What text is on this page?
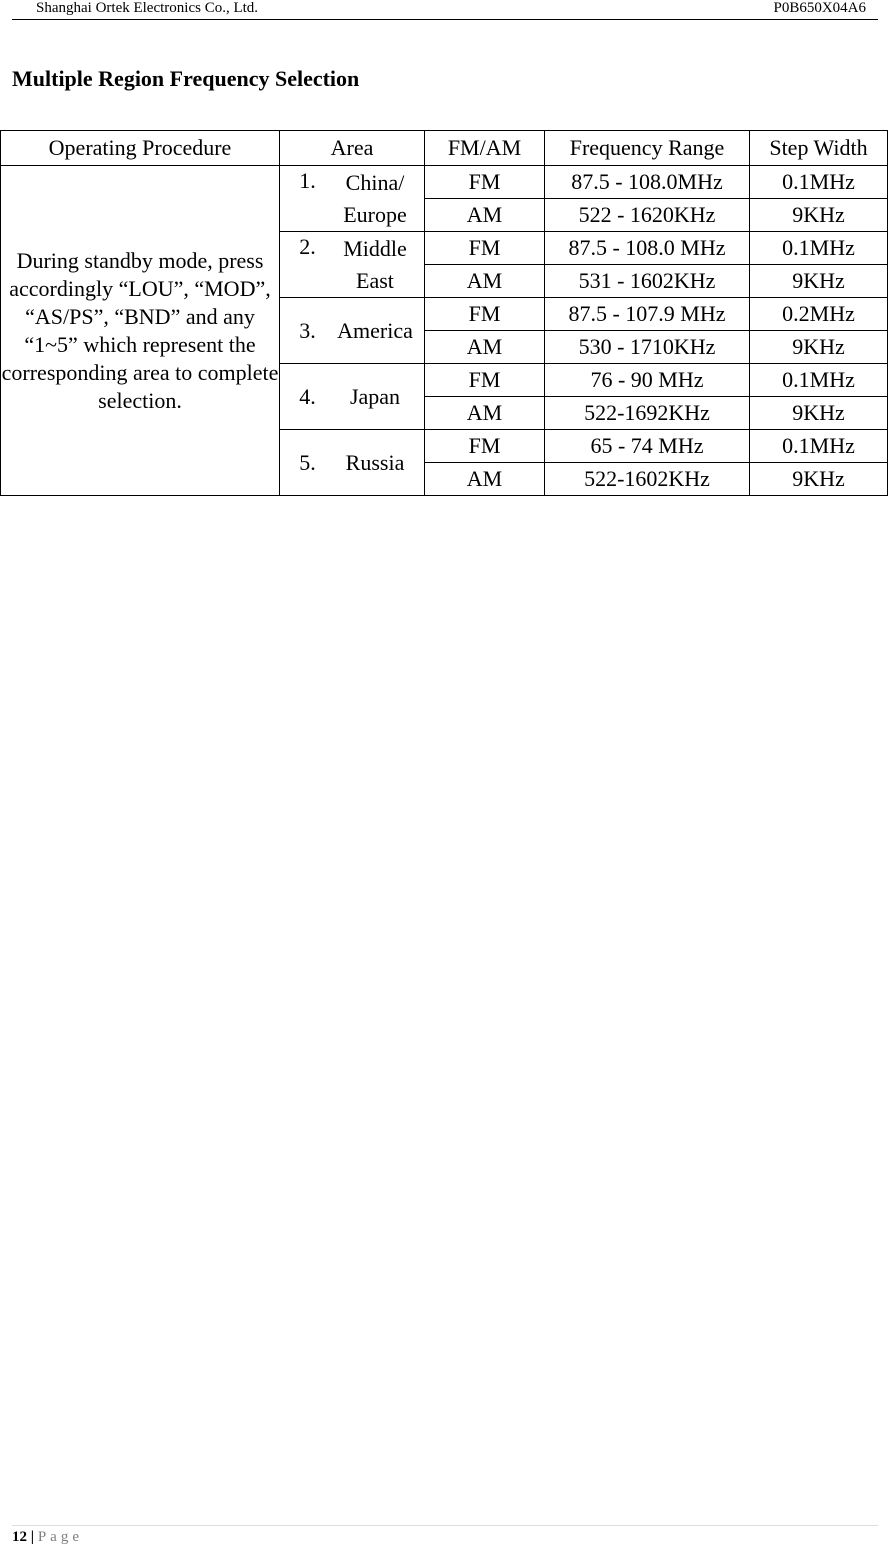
Shanghai Ortek Electronics Co., Ltd.	P0B650X04A6
Multiple Region Frequency Selection
Operating Procedure	Area	FM/AM	Frequency Range	Step Width
During standby mode, press accordingly “LOU”, “MOD”, “AS/PS”, “BND” and any “1~5” which represent the corresponding area to complete selection.	1. China/ Europe	FM	87.5 - 108.0MHz	0.1MHz
		AM	522 - 1620KHz	9KHz

	2. Middle East	FM	87.5 - 108.0 MHz	0.1MHz
		AM	531 - 1602KHz	9KHz

	3. America	FM	87.5 - 107.9 MHz	0.2MHz
		AM	530 - 1710KHz	9KHz

	4. Japan	FM	76 - 90 MHz	0.1MHz
		AM	522-1692KHz	9KHz

	5. Russia	FM	65 - 74 MHz	0.1MHz
		AM	522-1602KHz	9KHz
12 | Page
